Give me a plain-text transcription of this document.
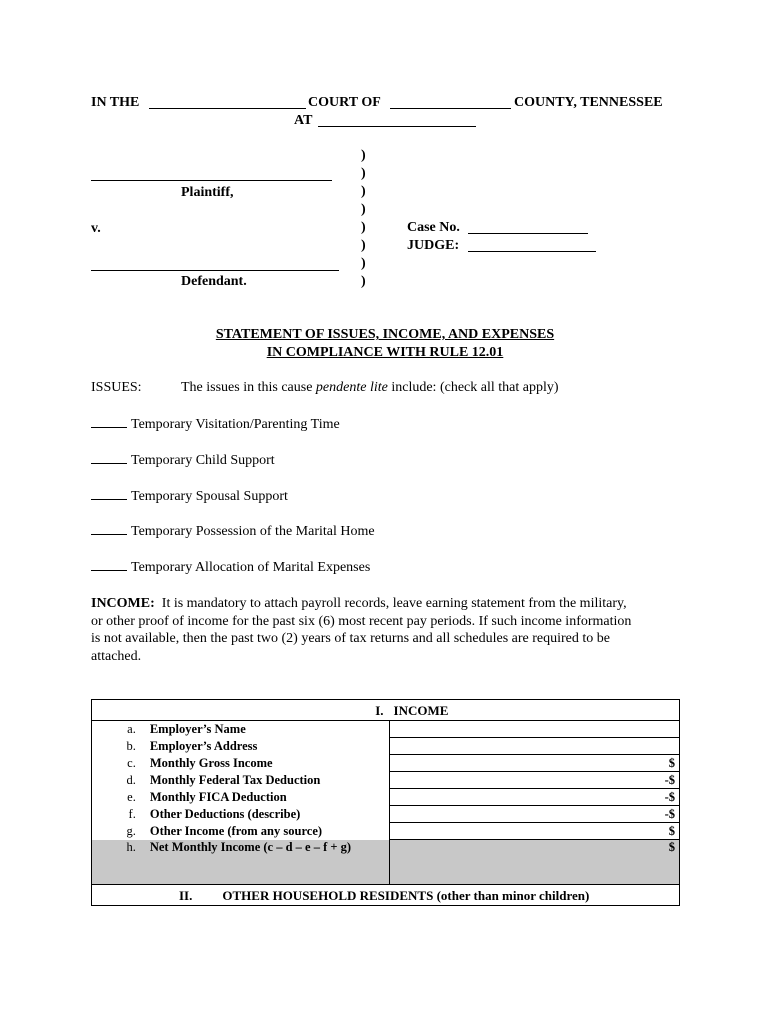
IN THE	COURT OF	COUNTY, TENNESSEE
AT
Plaintiff,
v.
Defendant.
)
)
)
)
)
)
)
)
Case No.
JUDGE:
STATEMENT OF ISSUES, INCOME, AND EXPENSES
IN COMPLIANCE WITH RULE 12.01
ISSUES:	The issues in this cause pendente lite include: (check all that apply)
Temporary Visitation/Parenting Time
Temporary Child Support
Temporary Spousal Support
Temporary Possession of the Marital Home
Temporary Allocation of Marital Expenses
INCOME: It is mandatory to attach payroll records, leave earning statement from the military,
or other proof of income for the past six (6) most recent pay periods. If such income information
is not available, then the past two (2) years of tax returns and all schedules are required to be
attached.
I.		INCOME
a.	Employer’s Name	
b.	Employer’s Address	
c.	Monthly Gross Income	$
d.	Monthly Federal Tax Deduction	-$
e.	Monthly FICA Deduction	-$
f.	Other Deductions (describe)	-$
g.	Other Income (from any source)	$
h.	Net Monthly Income (c – d – e – f + g)	$
II. OTHER HOUSEHOLD RESIDENTS (other than minor children)		
